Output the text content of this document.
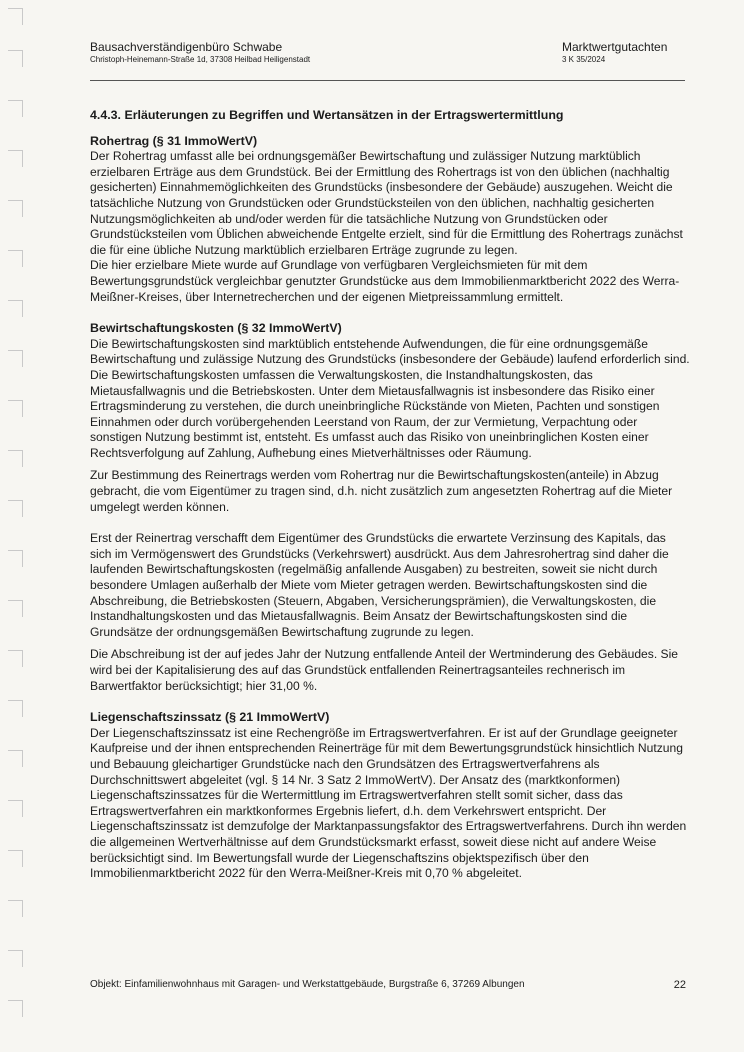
Bausachverständigenbüro Schwabe
Christoph-Heinemann-Straße 1d, 37308 Heilbad Heiligenstadt
Marktwertgutachten
3 K 35/2024
4.4.3. Erläuterungen zu Begriffen und Wertansätzen in der Ertragswertermittlung
Rohertrag (§ 31 ImmoWertV)

Der Rohertrag umfasst alle bei ordnungsgemäßer Bewirtschaftung und zulässiger Nutzung marktüblich erzielbaren Erträge aus dem Grundstück. Bei der Ermittlung des Rohertrags ist von den üblichen (nachhaltig gesicherten) Einnahmemöglichkeiten des Grundstücks (insbesondere der Gebäude) auszugehen. Weicht die tatsächliche Nutzung von Grundstücken oder Grundstücksteilen von den üblichen, nachhaltig gesicherten Nutzungsmöglichkeiten ab und/oder werden für die tatsächliche Nutzung von Grundstücken oder Grundstücksteilen vom Üblichen abweichende Entgelte erzielt, sind für die Ermittlung des Rohertrags zunächst die für eine übliche Nutzung marktüblich erzielbaren Erträge zugrunde zu legen.

Die hier erzielbare Miete wurde auf Grundlage von verfügbaren Vergleichsmieten für mit dem Bewertungsgrundstück vergleichbar genutzter Grundstücke aus dem Immobilienmarktbericht 2022 des Werra-Meißner-Kreises, über Internetrecherchen und der eigenen Mietpreissammlung ermittelt.

Bewirtschaftungskosten (§ 32 ImmoWertV)

Die Bewirtschaftungskosten sind marktüblich entstehende Aufwendungen, die für eine ordnungsgemäße Bewirtschaftung und zulässige Nutzung des Grundstücks (insbesondere der Gebäude) laufend erforderlich sind. Die Bewirtschaftungskosten umfassen die Verwaltungskosten, die Instandhaltungskosten, das Mietausfallwagnis und die Betriebskosten. Unter dem Mietausfallwagnis ist insbesondere das Risiko einer Ertragsminderung zu verstehen, die durch uneinbringliche Rückstände von Mieten, Pachten und sonstigen Einnahmen oder durch vorübergehenden Leerstand von Raum, der zur Vermietung, Verpachtung oder sonstigen Nutzung bestimmt ist, entsteht. Es umfasst auch das Risiko von uneinbringlichen Kosten einer Rechtsverfolgung auf Zahlung, Aufhebung eines Mietverhältnisses oder Räumung.

Zur Bestimmung des Reinertrags werden vom Rohertrag nur die Bewirtschaftungskosten(anteile) in Abzug gebracht, die vom Eigentümer zu tragen sind, d.h. nicht zusätzlich zum angesetzten Rohertrag auf die Mieter umgelegt werden können.

Erst der Reinertrag verschafft dem Eigentümer des Grundstücks die erwartete Verzinsung des Kapitals, das sich im Vermögenswert des Grundstücks (Verkehrswert) ausdrückt. Aus dem Jahresrohertrag sind daher die laufenden Bewirtschaftungskosten (regelmäßig anfallende Ausgaben) zu bestreiten, soweit sie nicht durch besondere Umlagen außerhalb der Miete vom Mieter getragen werden. Bewirtschaftungskosten sind die Abschreibung, die Betriebskosten (Steuern, Abgaben, Versicherungsprämien), die Verwaltungskosten, die Instandhaltungskosten und das Mietausfallwagnis. Beim Ansatz der Bewirtschaftungskosten sind die Grundsätze der ordnungsgemäßen Bewirtschaftung zugrunde zu legen.

Die Abschreibung ist der auf jedes Jahr der Nutzung entfallende Anteil der Wertminderung des Gebäudes. Sie wird bei der Kapitalisierung des auf das Grundstück entfallenden Reinertragsanteiles rechnerisch im Barwertfaktor berücksichtigt; hier 31,00 %.

Liegenschaftszinssatz (§ 21 ImmoWertV)

Der Liegenschaftszinssatz ist eine Rechengröße im Ertragswertverfahren. Er ist auf der Grundlage geeigneter Kaufpreise und der ihnen entsprechenden Reinerträge für mit dem Bewertungsgrundstück hinsichtlich Nutzung und Bebauung gleichartiger Grundstücke nach den Grundsätzen des Ertragswertverfahrens als Durchschnittswert abgeleitet (vgl. § 14 Nr. 3 Satz 2 ImmoWertV). Der Ansatz des (marktkonformen) Liegenschaftszinssatzes für die Wertermittlung im Ertragswertverfahren stellt somit sicher, dass das Ertragswertverfahren ein marktkonformes Ergebnis liefert, d.h. dem Verkehrswert entspricht. Der Liegenschaftszinssatz ist demzufolge der Marktanpassungsfaktor des Ertragswertverfahrens. Durch ihn werden die allgemeinen Wertverhältnisse auf dem Grundstücksmarkt erfasst, soweit diese nicht auf andere Weise berücksichtigt sind. Im Bewertungsfall wurde der Liegenschaftszins objektspezifisch über den Immobilienmarktbericht 2022 für den Werra-Meißner-Kreis mit 0,70 % abgeleitet.

Objekt: Einfamilienwohnhaus mit Garagen- und Werkstattgebäude, Burgstraße 6, 37269 Albungen	22
